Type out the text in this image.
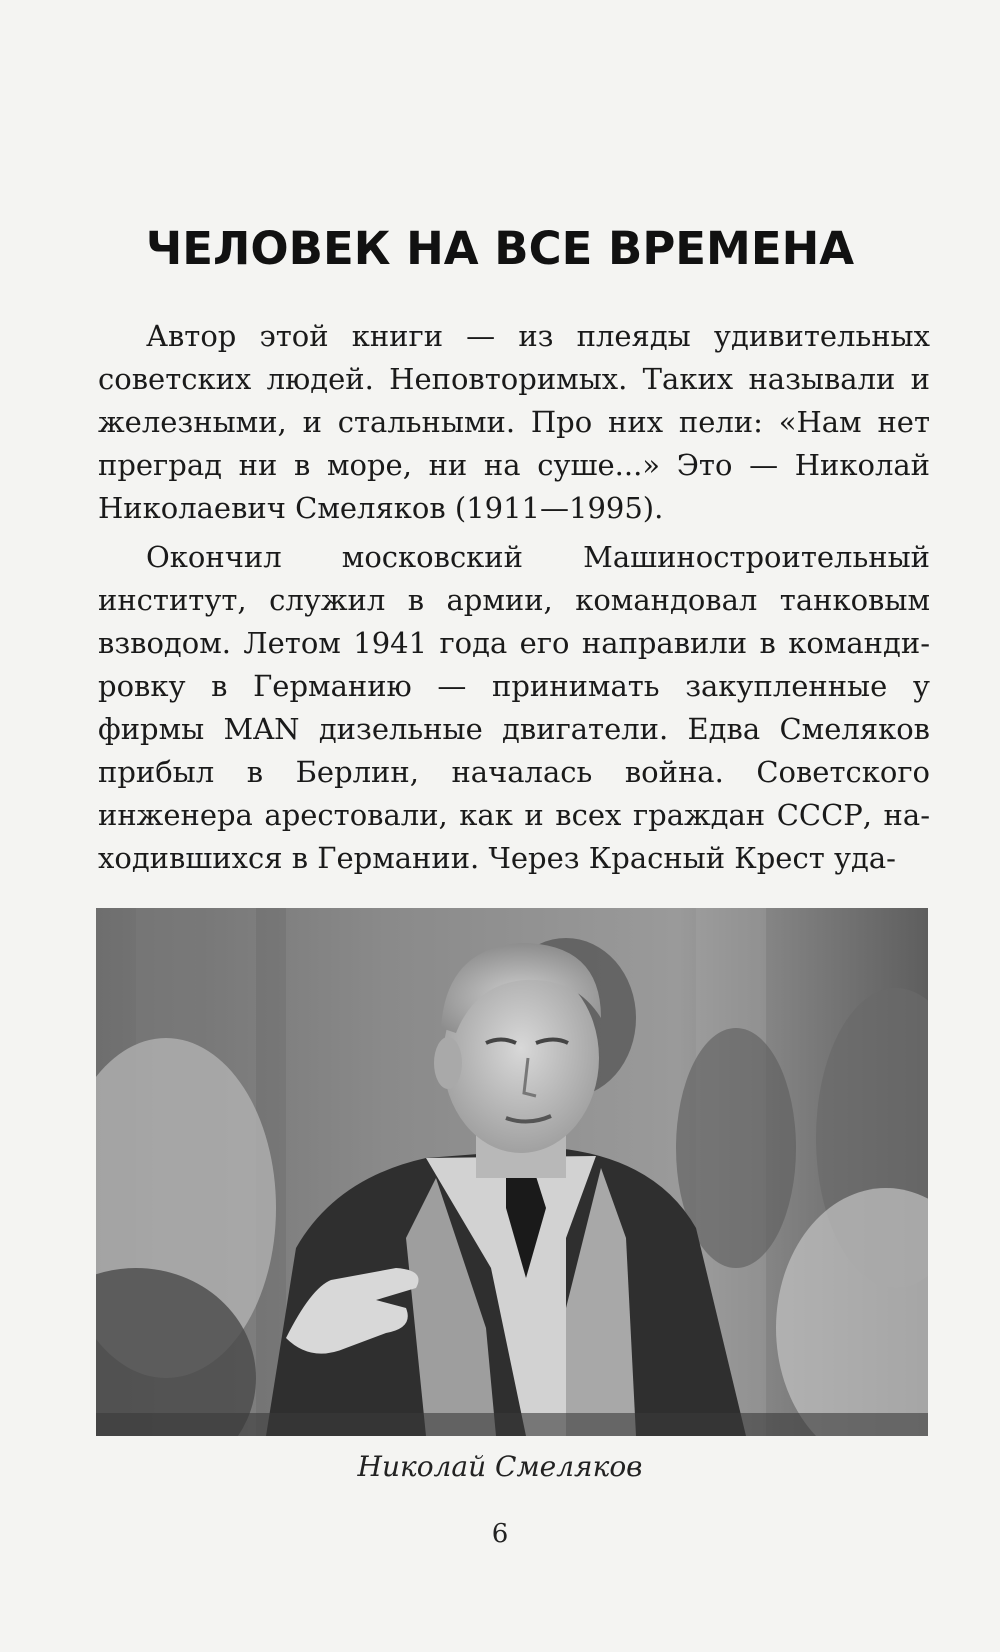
ЧЕЛОВЕК НА ВСЕ ВРЕМЕНА

Автор этой книги — из плеяды удивительных советских людей. Неповторимых. Таких называли и железными, и стальными. Про них пели: «Нам нет преград ни в море, ни на суше...» Это — Николай Николаевич Смеляков (1911—1995).

Окончил московский Машиностроительный институт, служил в армии, командовал танковым взводом. Летом 1941 года его направили в командировку в Германию — принимать закупленные у фирмы MAN дизельные двигатели. Едва Смеляков прибыл в Берлин, началась война. Советского инженера арестовали, как и всех граждан СССР, находившихся в Германии. Через Красный Крест уда-

Николай Смеляков
6
